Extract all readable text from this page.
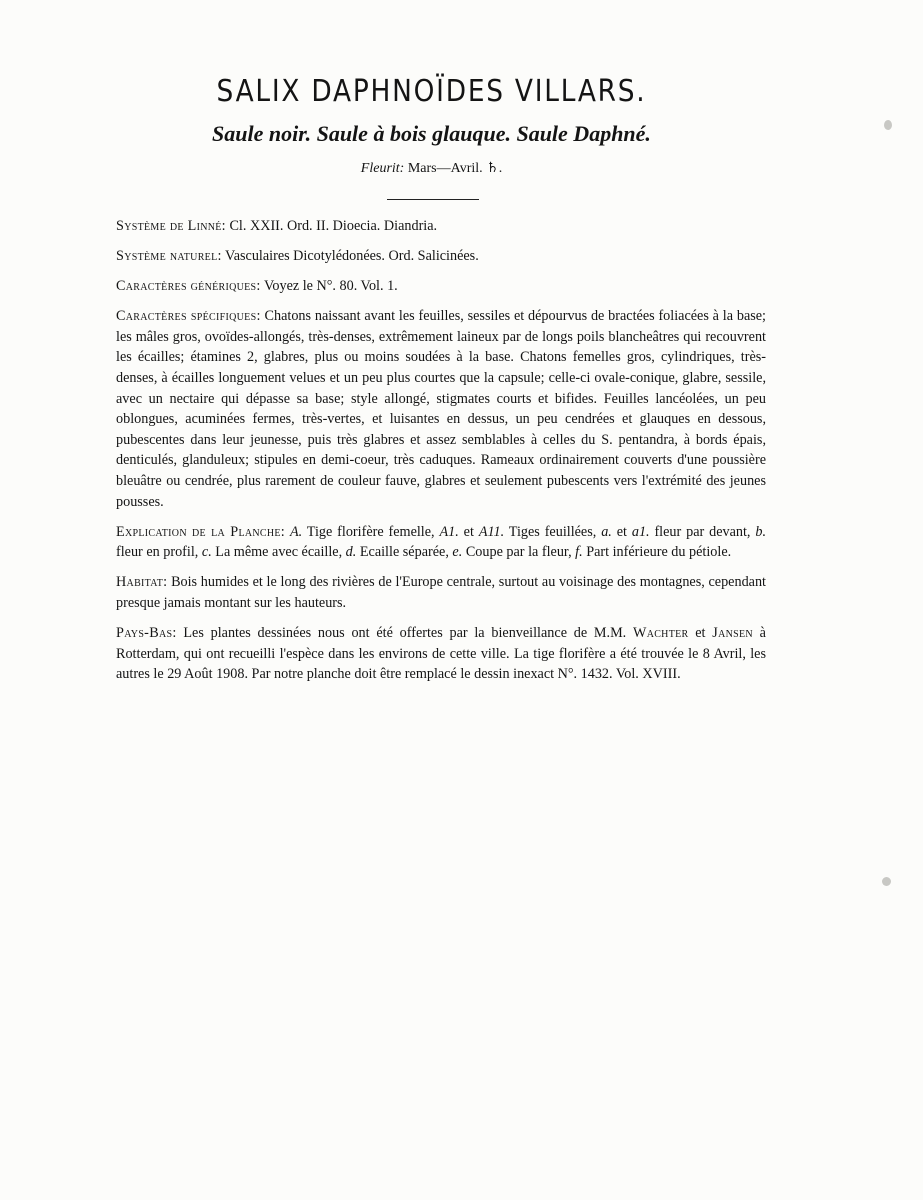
SALIX DAPHNOÏDES VILLARS.
Saule noir. Saule à bois glauque. Saule Daphné.
Fleurit: Mars—Avril. ♄.

Système de Linné: Cl. XXII. Ord. II. Dioecia. Diandria.

Système naturel: Vasculaires Dicotylédonées. Ord. Salicinées.

Caractères génériques: Voyez le N°. 80. Vol. 1.

Caractères spécifiques: Chatons naissant avant les feuilles, sessiles et dépourvus de bractées foliacées à la base; les mâles gros, ovoïdes-allongés, très-denses, extrêmement laineux par de longs poils blancheâtres qui recouvrent les écailles; étamines 2, glabres, plus ou moins soudées à la base. Chatons femelles gros, cylindriques, très-denses, à écailles longuement velues et un peu plus courtes que la capsule; celle-ci ovale-conique, glabre, sessile, avec un nectaire qui dépasse sa base; style allongé, stigmates courts et bifides. Feuilles lancéolées, un peu oblongues, acuminées fermes, très-vertes, et luisantes en dessus, un peu cendrées et glauques en dessous, pubescentes dans leur jeunesse, puis très glabres et assez semblables à celles du S. pentandra, à bords épais, denticulés, glanduleux; stipules en demi-coeur, très caduques. Rameaux ordinairement couverts d'une poussière bleuâtre ou cendrée, plus rarement de couleur fauve, glabres et seulement pubescents vers l'extrémité des jeunes pousses.

Explication de la Planche: A. Tige florifère femelle, A1. et A11. Tiges feuillées, a. et a1. fleur par devant, b. fleur en profil, c. La même avec écaille, d. Ecaille séparée, e. Coupe par la fleur, f. Part inférieure du pétiole.

Habitat: Bois humides et le long des rivières de l'Europe centrale, surtout au voisinage des montagnes, cependant presque jamais montant sur les hauteurs.

Pays-Bas: Les plantes dessinées nous ont été offertes par la bienveillance de M.M. Wachter et Jansen à Rotterdam, qui ont recueilli l'espèce dans les environs de cette ville. La tige florifère a été trouvée le 8 Avril, les autres le 29 Août 1908. Par notre planche doit être remplacé le dessin inexact N°. 1432. Vol. XVIII.
